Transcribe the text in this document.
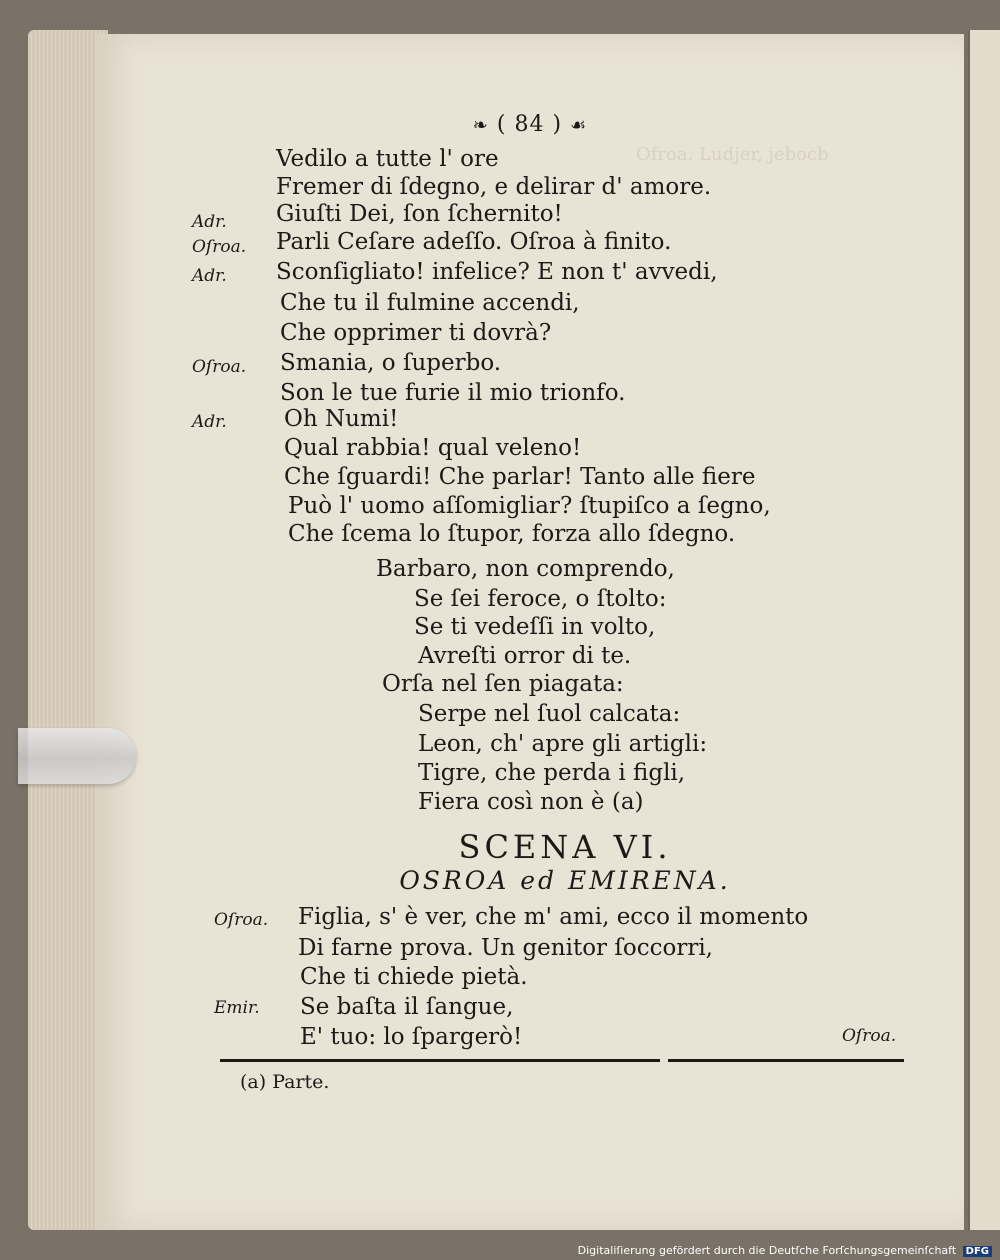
Ofroa. Ludjer, jebocb
❧ ( 84 ) ☙
Adr.
Oſroa.
Adr.
Oſroa.
Adr.
Vedilo a tutte l' ore
Fremer di ſdegno, e delirar d' amore.
Giuſti Dei, ſon ſchernito!
Parli Ceſare adeſſo. Oſroa à finito.
Sconſigliato! infelice? E non t' avvedi,
Che tu il fulmine accendi,
Che opprimer ti dovrà?
Smania, o ſuperbo.
Son le tue furie il mio trionfo.
Oh Numi!
Qual rabbia! qual veleno!
Che ſguardi! Che parlar! Tanto alle fiere
Può l' uomo aſſomigliar? ſtupiſco a ſegno,
Che ſcema lo ſtupor, forza allo ſdegno.
Barbaro, non comprendo,
Se ſei feroce, o ſtolto:
Se ti vedeſſi in volto,
Avreſti orror di te.
Orſa nel ſen piagata:
Serpe nel ſuol calcata:
Leon, ch' apre gli artigli:
Tigre, che perda i figli,
Fiera così non è (a)
SCENA VI.
OSROA ed EMIRENA.
Oſroa.
Emir.
Figlia, s' è ver, che m' ami, ecco il momento
Di farne prova. Un genitor ſoccorri,
Che ti chiede pietà.
Se baſta il ſangue,
E' tuo: lo ſpargerò!	Oſroa.
(a) Parte.
Digitaliſierung gefördert durch die Deutſche Forſchungsgemeinſchaft DFG
